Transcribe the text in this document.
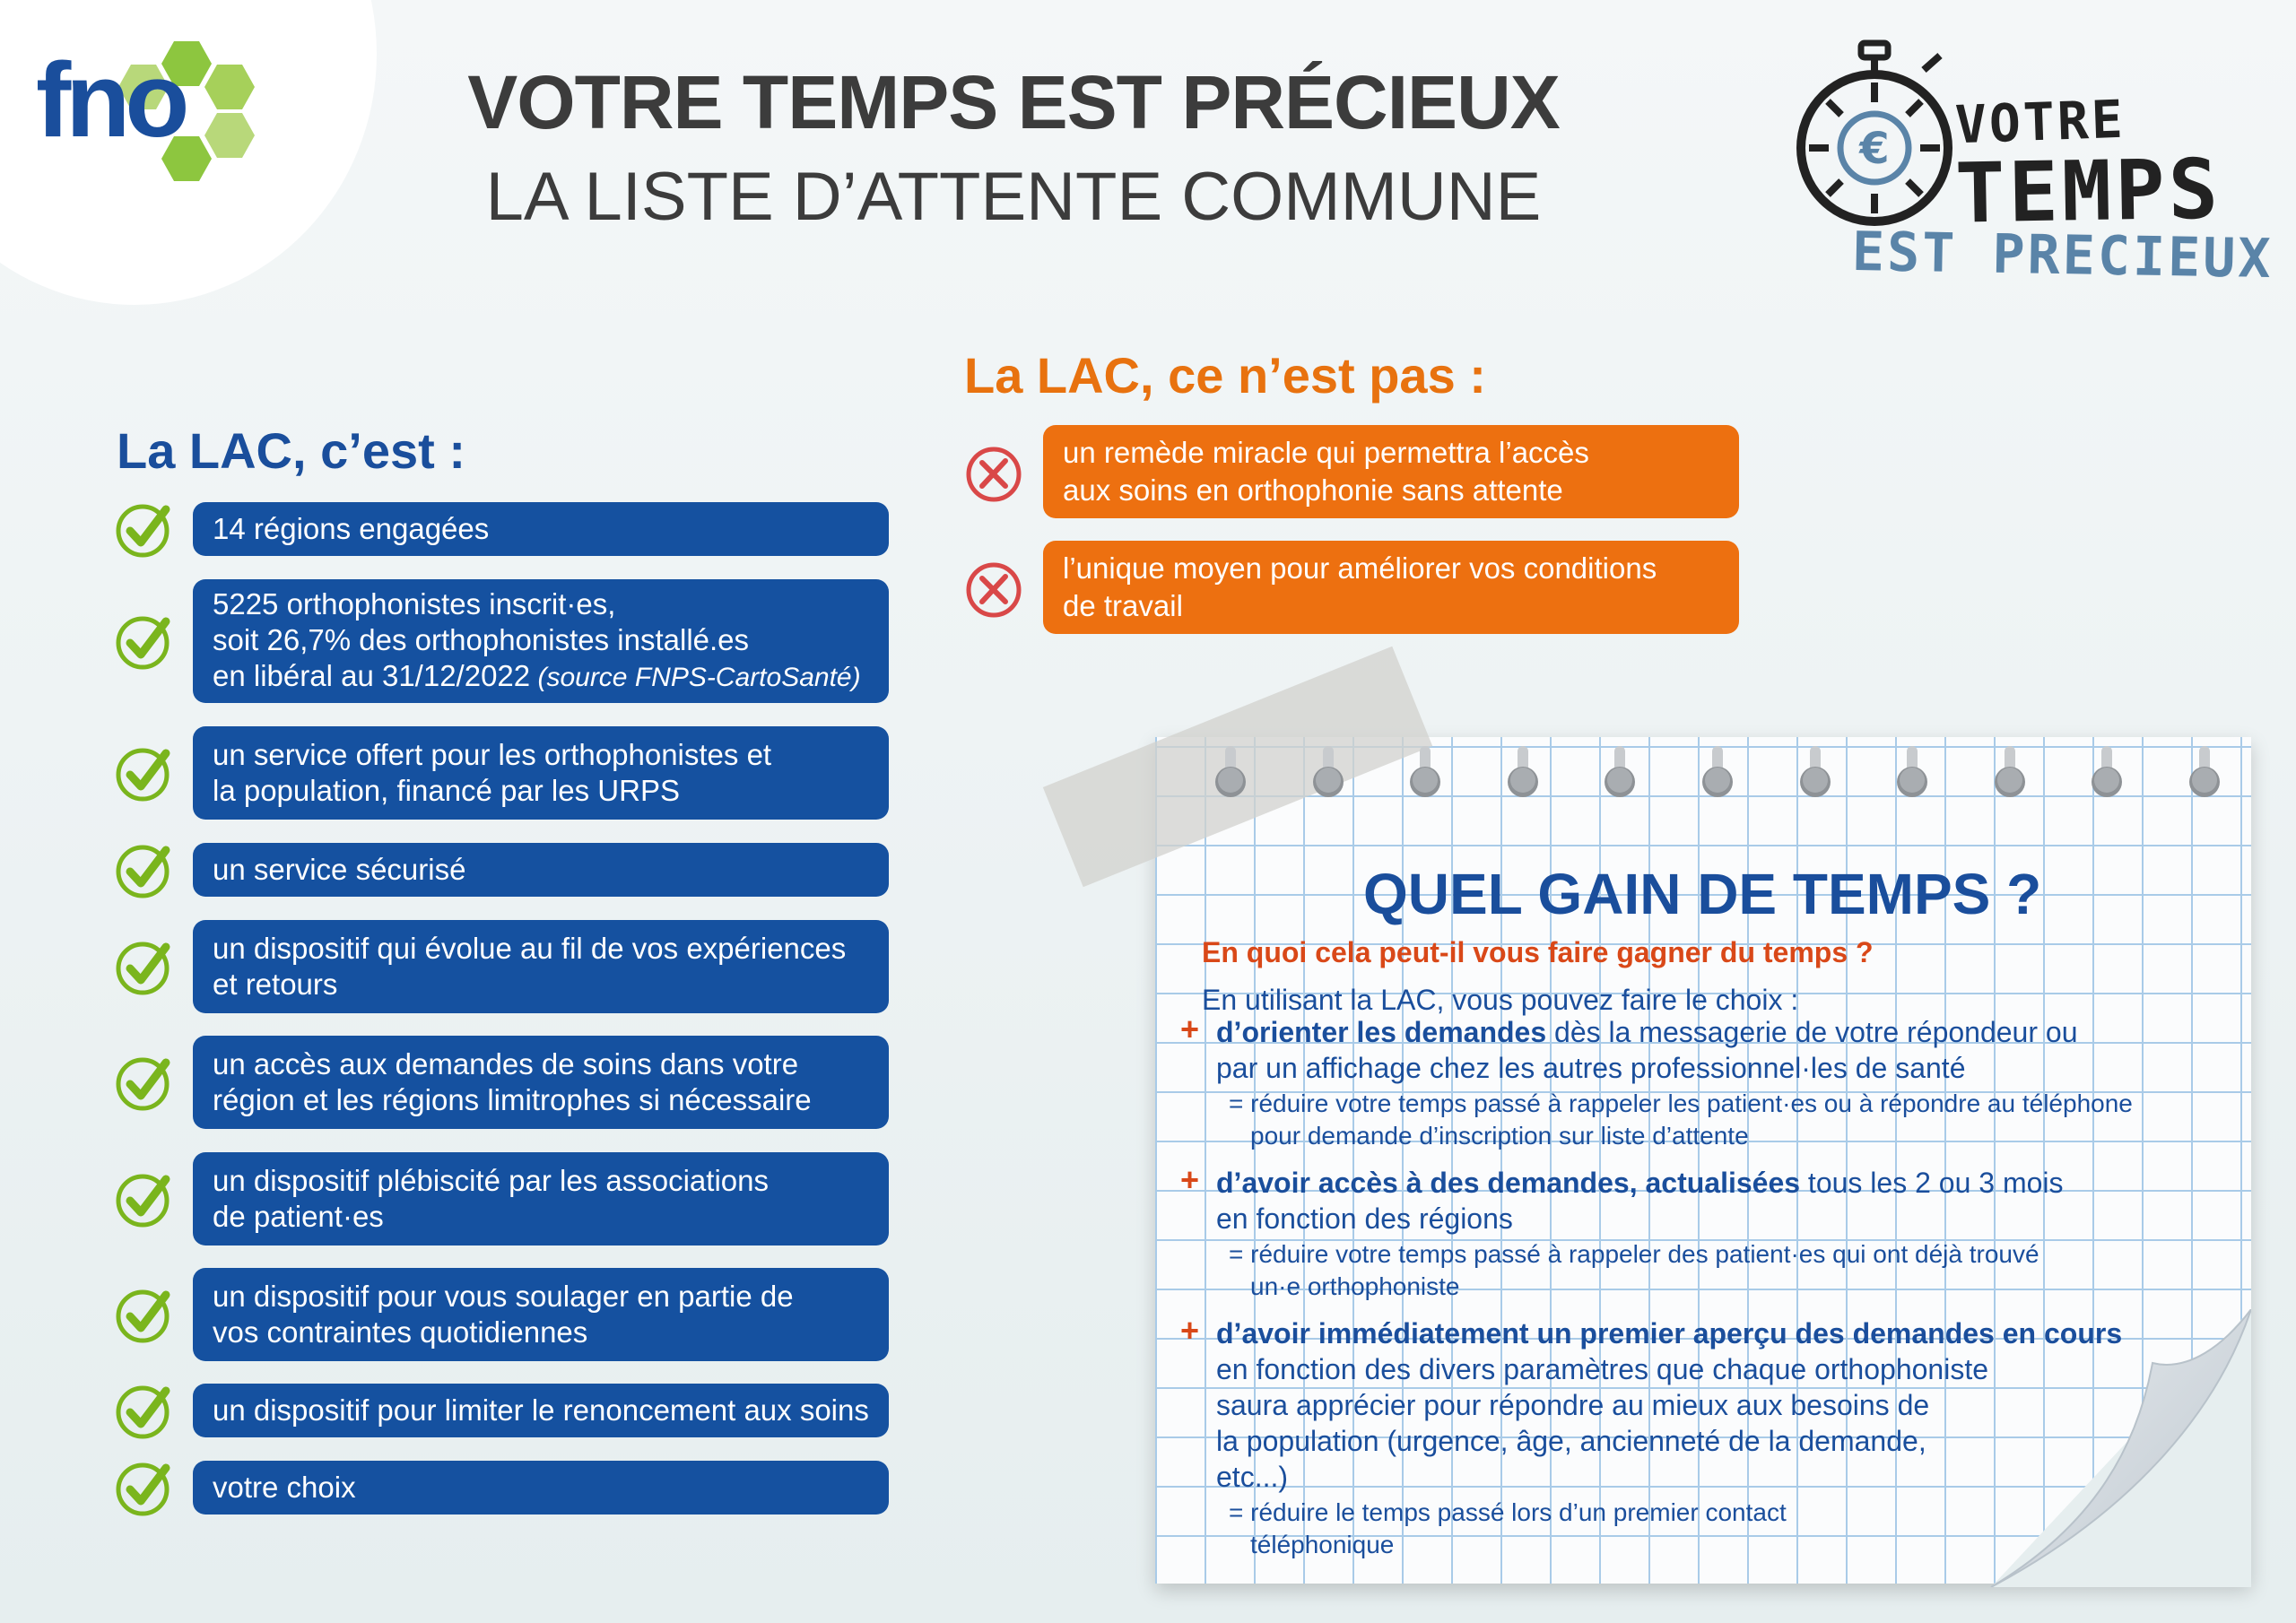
fno	VOTRE TEMPS EST PRÉCIEUX
LA LISTE D’ATTENTE COMMUNE
€ VOTRE
TEMPS
EST PRECIEUX
La LAC, c’est :
La LAC, ce n’est pas :
14 régions engagées
5225 orthophonistes inscrit·es,
soit 26,7% des orthophonistes installé.es
en libéral au 31/12/2022 (source FNPS-CartoSanté)
un service offert pour les orthophonistes et
la population, financé par les URPS
un service sécurisé
un dispositif qui évolue au fil de vos expériences
et retours
un accès aux demandes de soins dans votre
région et les régions limitrophes si nécessaire
un dispositif plébiscité par les associations
de patient·es
un dispositif pour vous soulager en partie de
vos contraintes quotidiennes
un dispositif pour limiter le renoncement aux soins
votre choix
un remède miracle qui permettra l’accès
aux soins en orthophonie sans attente
l’unique moyen pour améliorer vos conditions
de travail
QUEL GAIN DE TEMPS ?
En quoi cela peut-il vous faire gagner du temps ?
En utilisant la LAC, vous pouvez faire le choix :
+ d’orienter les demandes dès la messagerie de votre répondeur ou
par un affichage chez les autres professionnel·les de santé
= réduire votre temps passé à rappeler les patient·es ou à répondre au téléphone
pour demande d’inscription sur liste d’attente
+ d’avoir accès à des demandes, actualisées tous les 2 ou 3 mois
en fonction des régions
= réduire votre temps passé à rappeler des patient·es qui ont déjà trouvé
un·e orthophoniste
+ d’avoir immédiatement un premier aperçu des demandes en cours
en fonction des divers paramètres que chaque orthophoniste
saura apprécier pour répondre au mieux aux besoins de
la population (urgence, âge, ancienneté de la demande,
etc...)
= réduire le temps passé lors d’un premier contact
téléphonique
